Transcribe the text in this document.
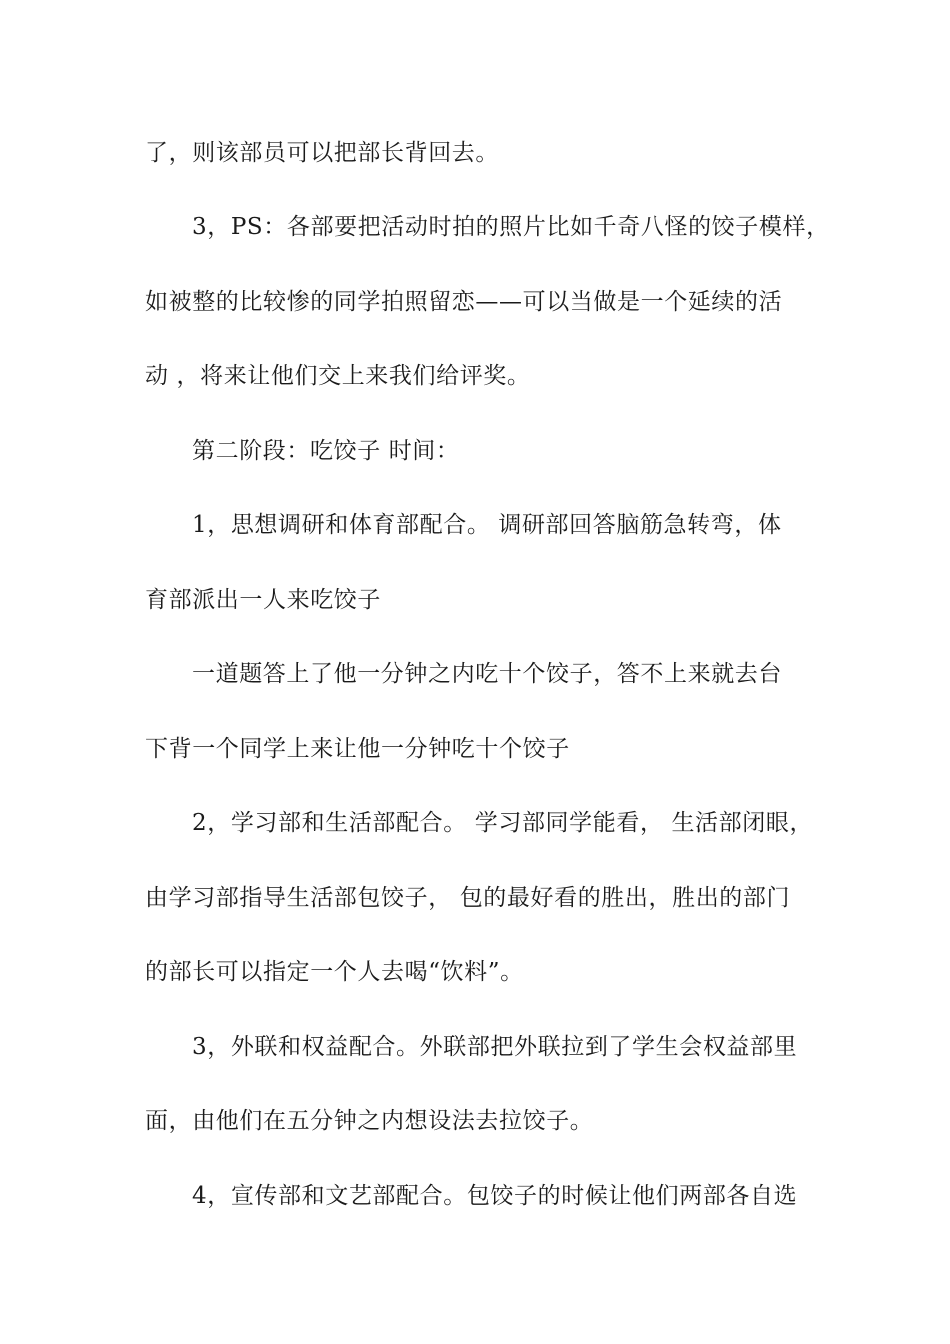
了，则该部员可以把部长背回去。
3，PS：各部要把活动时拍的照片比如千奇八怪的饺子模样，
如被整的比较惨的同学拍照留恋——可以当做是一个延续的活
动 ，将来让他们交上来我们给评奖。
第二阶段：吃饺子 时间：
1，思想调研和体育部配合。 调研部回答脑筋急转弯，体
育部派出一人来吃饺子
一道题答上了他一分钟之内吃十个饺子，答不上来就去台
下背一个同学上来让他一分钟吃十个饺子
2，学习部和生活部配合。 学习部同学能看， 生活部闭眼，
由学习部指导生活部包饺子， 包的最好看的胜出，胜出的部门
的部长可以指定一个人去喝“饮料”。
3，外联和权益配合。外联部把外联拉到了学生会权益部里
面，由他们在五分钟之内想设法去拉饺子。
4，宣传部和文艺部配合。包饺子的时候让他们两部各自选
